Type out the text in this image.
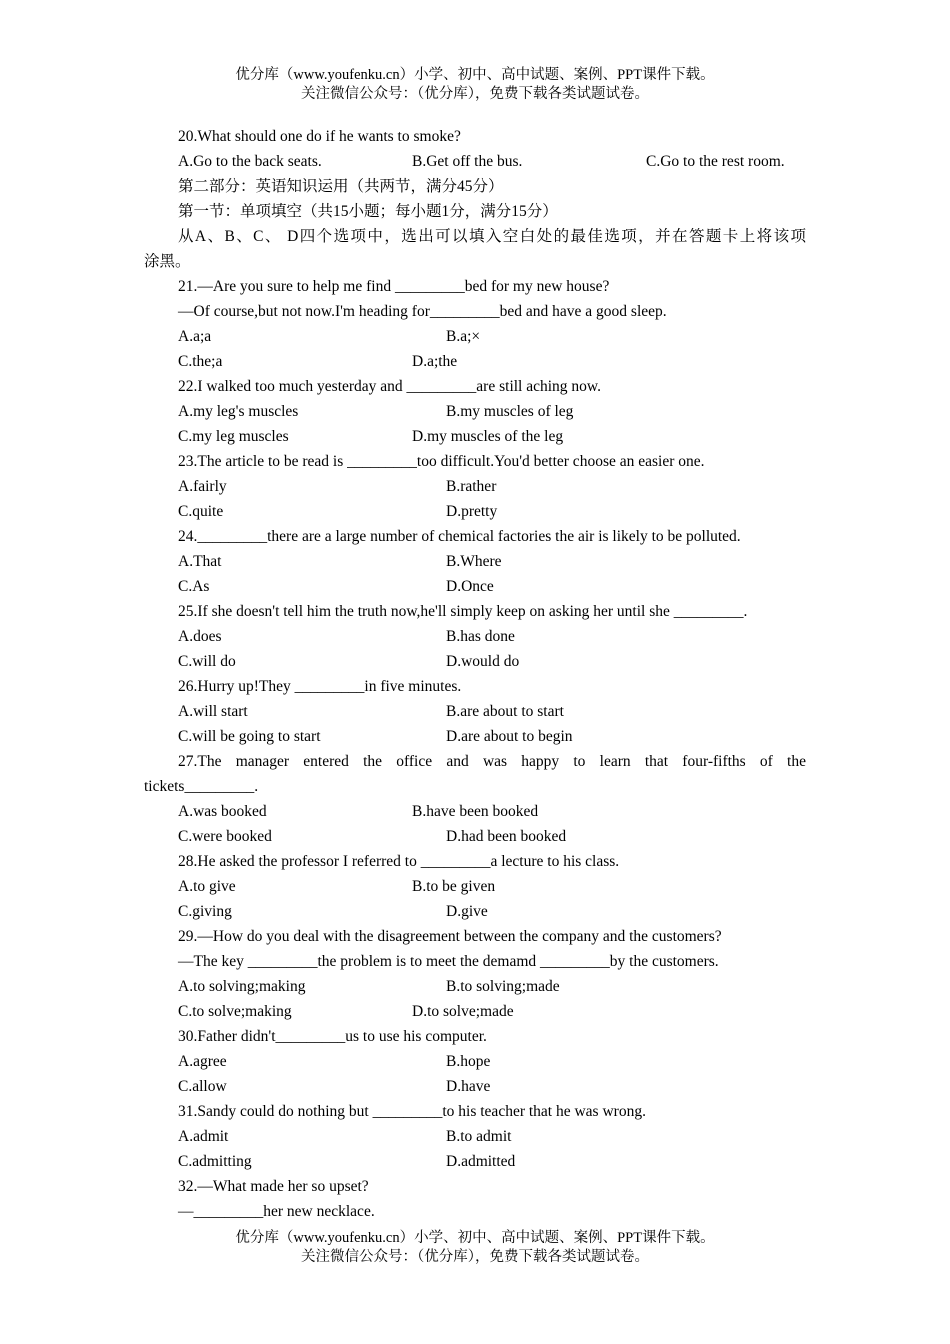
优分库（www.youfenku.cn）小学、初中、高中试题、案例、PPT课件下载。
关注微信公众号：（优分库），免费下载各类试题试卷。
20.What should one do if he wants to smoke?
A.Go to the back seats.	B.Get off the bus.	C.Go to the rest room.
第二部分：英语知识运用（共两节，满分45分）
第一节：单项填空（共15小题；每小题1分，满分15分）
从A、B、C、 D四个选项中，选出可以填入空白处的最佳选项，并在答题卡上将该项
涂黑。
21.—Are you sure to help me find _________bed for my new house?
—Of course,but not now.I'm heading for_________bed and have a good sleep.
A.a;a	B.a;×
C.the;a	D.a;the
22.I walked too much yesterday and _________are still aching now.
A.my leg's muscles	B.my muscles of leg
C.my leg muscles	D.my muscles of the leg
23.The article to be read is _________too difficult.You'd better choose an easier one.
A.fairly	B.rather
C.quite	D.pretty
24._________there are a large number of chemical factories the air is likely to be polluted.
A.That	B.Where
C.As	D.Once
25.If she doesn't tell him the truth now,he'll simply keep on asking her until she _________.
A.does	B.has done
C.will do	D.would do
26.Hurry up!They _________in five minutes.
A.will start	B.are about to start
C.will be going to start	D.are about to begin
27.The manager entered the office and was happy to learn that four-fifths of the
tickets_________.
A.was booked	B.have been booked
C.were booked	D.had been booked
28.He asked the professor I referred to _________a lecture to his class.
A.to give	B.to be given
C.giving	D.give
29.—How do you deal with the disagreement between the company and the customers?
—The key _________the problem is to meet the demamd _________by the customers.
A.to solving;making	B.to solving;made
C.to solve;making	D.to solve;made
30.Father didn't_________us to use his computer.
A.agree	B.hope
C.allow	D.have
31.Sandy could do nothing but _________to his teacher that he was wrong.
A.admit	B.to admit
C.admitting	D.admitted
32.—What made her so upset?
—_________her new necklace.
优分库（www.youfenku.cn）小学、初中、高中试题、案例、PPT课件下载。
关注微信公众号：（优分库），免费下载各类试题试卷。
